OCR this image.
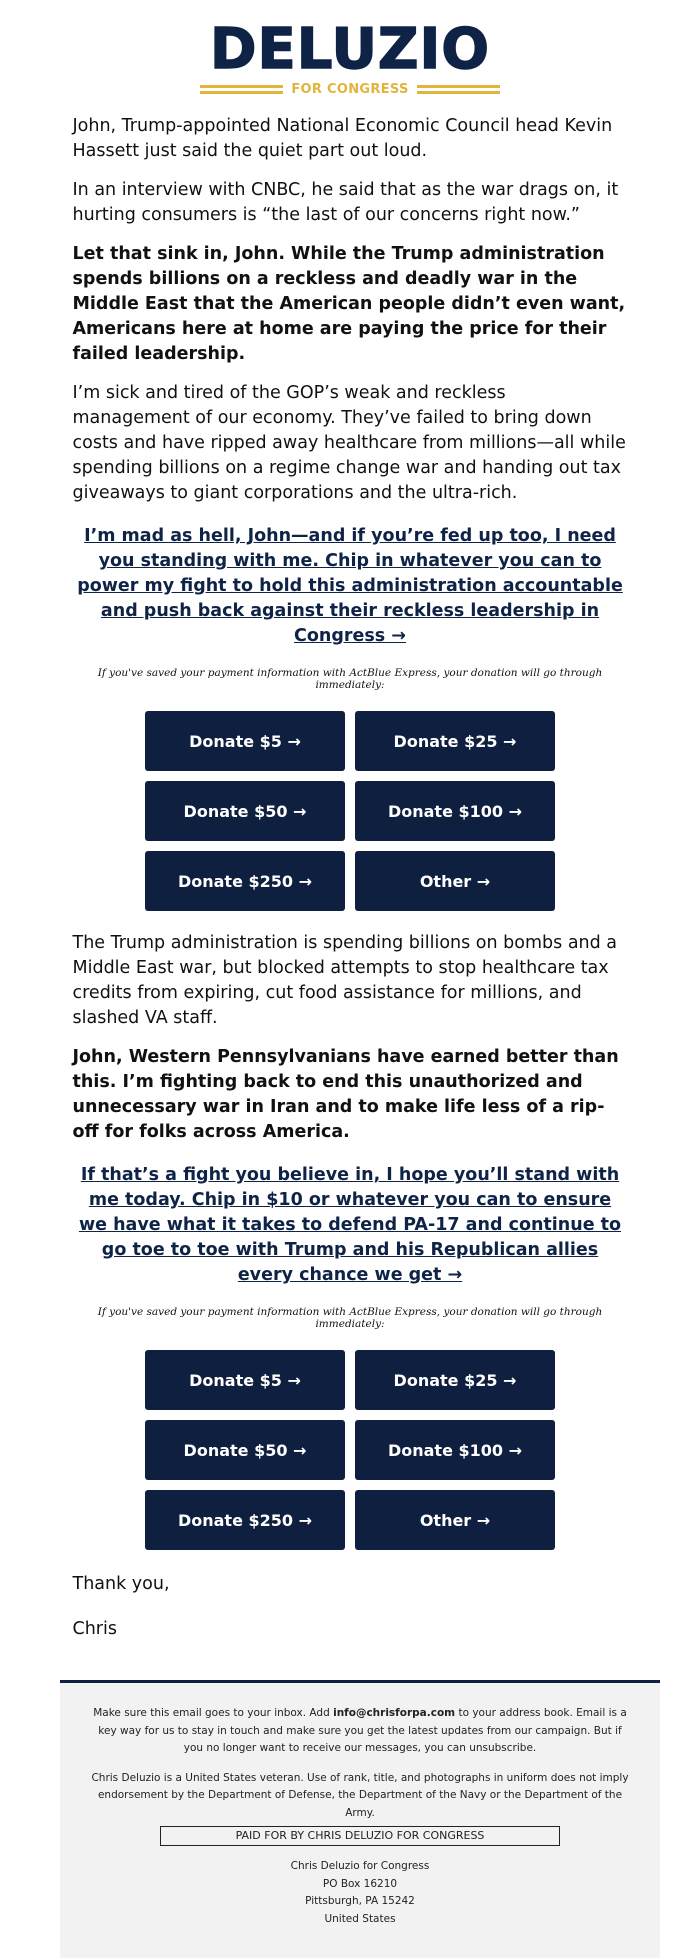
DELUZIO
FOR CONGRESS

John, Trump-appointed National Economic Council head Kevin Hassett just said the quiet part out loud.

In an interview with CNBC, he said that as the war drags on, it hurting consumers is “the last of our concerns right now.”

Let that sink in, John. While the Trump administration spends billions on a reckless and deadly war in the Middle East that the American people didn’t even want, Americans here at home are paying the price for their failed leadership.

I’m sick and tired of the GOP’s weak and reckless management of our economy. They’ve failed to bring down costs and have ripped away healthcare from millions—all while spending billions on a regime change war and handing out tax giveaways to giant corporations and the ultra-rich.

I’m mad as hell, John—and if you’re fed up too, I need you standing with me. Chip in whatever you can to power my fight to hold this administration accountable and push back against their reckless leadership in Congress →
If you've saved your payment information with ActBlue Express, your donation will go through immediately:
Donate $5 →	Donate $25 →
Donate $50 →	Donate $100 →
Donate $250 →	Other →

The Trump administration is spending billions on bombs and a Middle East war, but blocked attempts to stop healthcare tax credits from expiring, cut food assistance for millions, and slashed VA staff.

John, Western Pennsylvanians have earned better than this. I’m fighting back to end this unauthorized and unnecessary war in Iran and to make life less of a rip-off for folks across America.

If that’s a fight you believe in, I hope you’ll stand with me today. Chip in $10 or whatever you can to ensure we have what it takes to defend PA-17 and continue to go toe to toe with Trump and his Republican allies every chance we get →
If you've saved your payment information with ActBlue Express, your donation will go through immediately:
Donate $5 →	Donate $25 →
Donate $50 →	Donate $100 →
Donate $250 →	Other →

Thank you,

Chris

Make sure this email goes to your inbox. Add info@chrisforpa.com to your address book. Email is a key way for us to stay in touch and make sure you get the latest updates from our campaign. But if you no longer want to receive our messages, you can unsubscribe.

Chris Deluzio is a United States veteran. Use of rank, title, and photographs in uniform does not imply endorsement by the Department of Defense, the Department of the Navy or the Department of the Army.

PAID FOR BY CHRIS DELUZIO FOR CONGRESS
Chris Deluzio for Congress
PO Box 16210
Pittsburgh, PA 15242
United States
